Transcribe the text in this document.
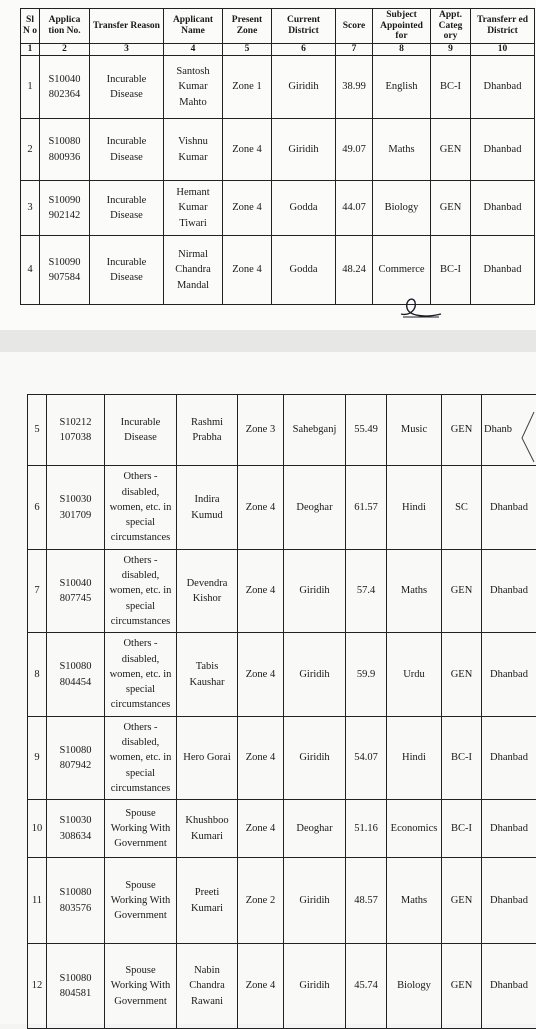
Sl N o	Applica tion No.	Transfer Reason	Applicant Name	Present Zone	Current District	Score	Subject Appointed for	Appt. Categ ory	Transferr ed District
1	2	3	4	5	6	7	8	9	10
1	S10040 802364	Incurable Disease	Santosh Kumar Mahto	Zone 1	Giridih	38.99	English	BC-I	Dhanbad
2	S10080 800936	Incurable Disease	Vishnu Kumar	Zone 4	Giridih	49.07	Maths	GEN	Dhanbad
3	S10090 902142	Incurable Disease	Hemant Kumar Tiwari	Zone 4	Godda	44.07	Biology	GEN	Dhanbad
4	S10090 907584	Incurable Disease	Nirmal Chandra Mandal	Zone 4	Godda	48.24	Commerce	BC-I	Dhanbad
5	S10212 107038	Incurable Disease	Rashmi Prabha	Zone 3	Sahebganj	55.49	Music	GEN	Dhanb
6	S10030 301709	Others - disabled, women, etc. in special circumstances	Indira Kumud	Zone 4	Deoghar	61.57	Hindi	SC	Dhanbad
7	S10040 807745	Others - disabled, women, etc. in special circumstances	Devendra Kishor	Zone 4	Giridih	57.4	Maths	GEN	Dhanbad
8	S10080 804454	Others - disabled, women, etc. in special circumstances	Tabis Kaushar	Zone 4	Giridih	59.9	Urdu	GEN	Dhanbad
9	S10080 807942	Others - disabled, women, etc. in special circumstances	Hero Gorai	Zone 4	Giridih	54.07	Hindi	BC-I	Dhanbad
10	S10030 308634	Spouse Working With Government	Khushboo Kumari	Zone 4	Deoghar	51.16	Economics	BC-I	Dhanbad
11	S10080 803576	Spouse Working With Government	Preeti Kumari	Zone 2	Giridih	48.57	Maths	GEN	Dhanbad
12	S10080 804581	Spouse Working With Government	Nabin Chandra Rawani	Zone 4	Giridih	45.74	Biology	GEN	Dhanbad
